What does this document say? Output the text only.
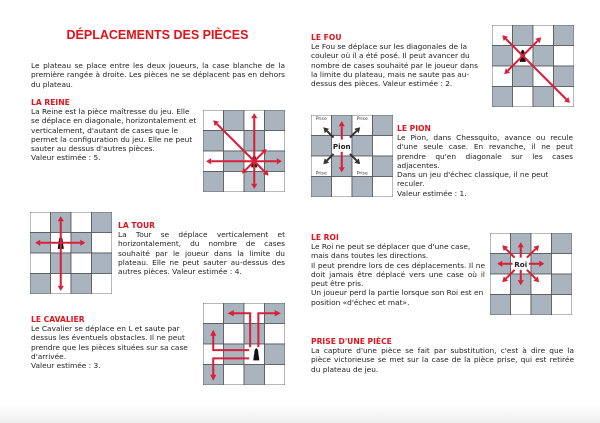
DÉPLACEMENTS DES PIÈCES
Le plateau se place entre les deux joueurs, la case blanche de la première rangée à droite. Les pièces ne se déplacent pas en dehors du plateau.
LA REINE
La Reine est la pièce maîtresse du jeu. Elle se déplace en diagonale, horizontalement et verticalement, d'autant de cases que le permet la configuration du jeu. Elle ne peut sauter au dessus d'autres pièces.
Valeur estimée : 5.
LA TOUR
La Tour se déplace verticalement et horizontalement, du nombre de cases souhaité par le joueur dans la limite du plateau. Elle ne peut sauter au-dessus des autres pièces. Valeur estimée : 4.
LE CAVALIER
Le Cavalier se déplace en L et saute par dessus les éventuels obstacles. Il ne peut prendre que les pièces situées sur sa case d'arrivée.
Valeur estimée : 3.
LE FOU
Le Fou se déplace sur les diagonales de la couleur où il a été posé. Il peut avancer du nombre de cases souhaité par le joueur dans la limite du plateau, mais ne saute pas au-dessus des pièces. Valeur estimée : 2.
Pion
Prise	Prise
Prise	Prise
LE PION
Le Pion, dans Chessquito, avance ou recule d'une seule case. En revanche, il ne peut prendre qu'en diagonale sur les cases adjacentes.
Dans un jeu d'échec classique, il ne peut reculer.
Valeur estimée : 1.
LE ROI
Le Roi ne peut se déplacer que d'une case, mais dans toutes les directions.
Il peut prendre lors de ces déplacements. Il ne doit jamais être déplacé vers une case où il peut être pris.
Un joueur perd la partie lorsque son Roi est en position «d'échec et mat».
Roi
PRISE D'UNE PIÈCE
La capture d'une pièce se fait par substitution, c'est à dire que la pièce victorieuse se met sur la case de la pièce prise, qui est retirée du plateau de jeu.
